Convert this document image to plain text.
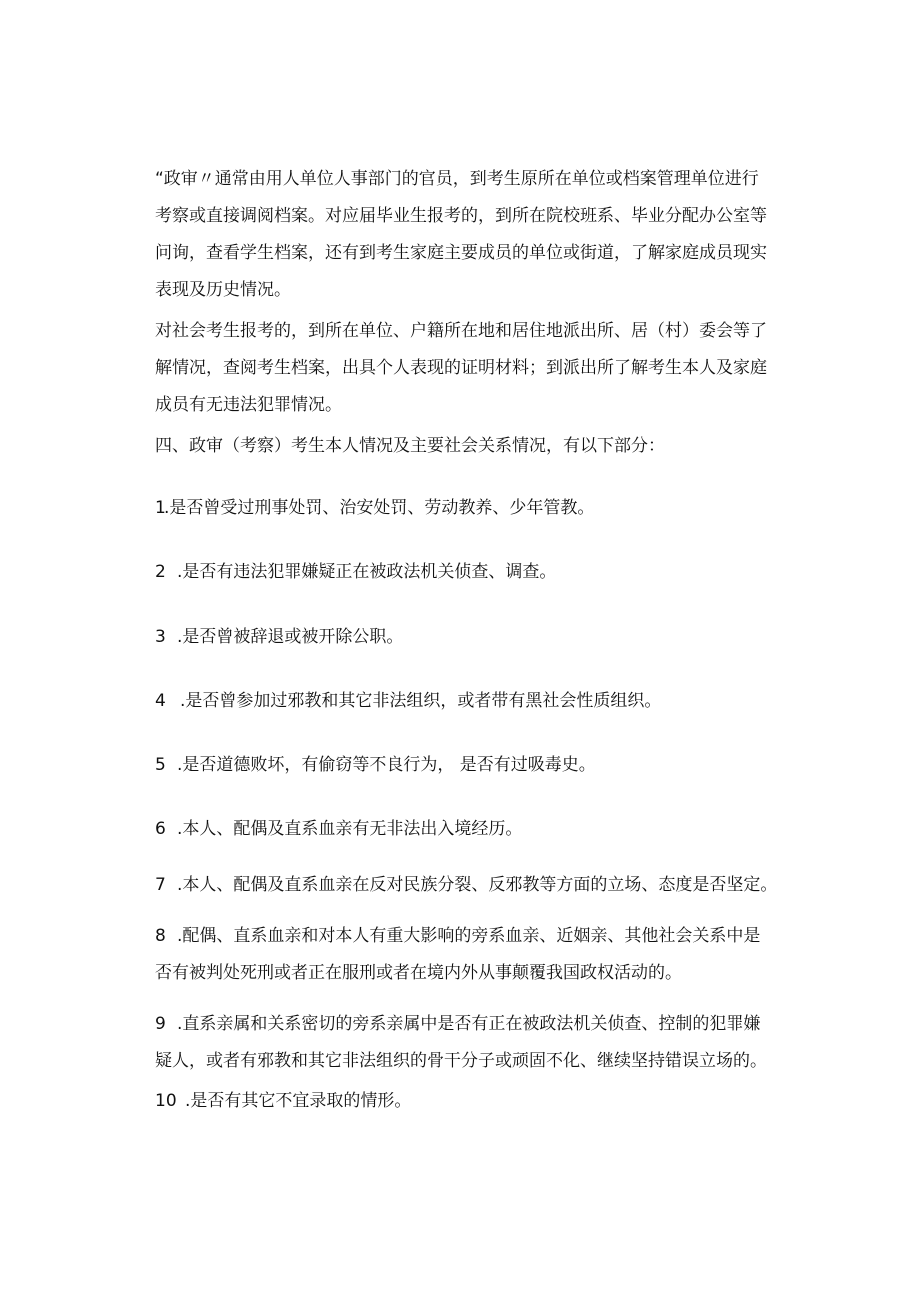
“政审〃通常由用人单位人事部门的官员，到考生原所在单位或档案管理单位进行
考察或直接调阅档案。对应届毕业生报考的，到所在院校班系、毕业分配办公室等
问询，查看学生档案，还有到考生家庭主要成员的单位或街道，了解家庭成员现实
表现及历史情况。
对社会考生报考的，到所在单位、户籍所在地和居住地派出所、居（村）委会等了
解情况，查阅考生档案，出具个人表现的证明材料；到派出所了解考生本人及家庭
成员有无违法犯罪情况。
四、政审（考察）考生本人情况及主要社会关系情况，有以下部分：
1.是否曾受过刑事处罚、治安处罚、劳动教养、少年管教。
2 .是否有违法犯罪嫌疑正在被政法机关侦查、调查。
3 .是否曾被辞退或被开除公职。
4 .是否曾参加过邪教和其它非法组织，或者带有黑社会性质组织。
5 .是否道德败坏，有偷窃等不良行为， 是否有过吸毒史。
6 .本人、配偶及直系血亲有无非法出入境经历。
7 .本人、配偶及直系血亲在反对民族分裂、反邪教等方面的立场、态度是否坚定。
8 .配偶、直系血亲和对本人有重大影响的旁系血亲、近姻亲、其他社会关系中是
否有被判处死刑或者正在服刑或者在境内外从事颠覆我国政权活动的。
9 .直系亲属和关系密切的旁系亲属中是否有正在被政法机关侦查、控制的犯罪嫌
疑人，或者有邪教和其它非法组织的骨干分子或顽固不化、继续坚持错误立场的。
10 .是否有其它不宜录取的情形。
